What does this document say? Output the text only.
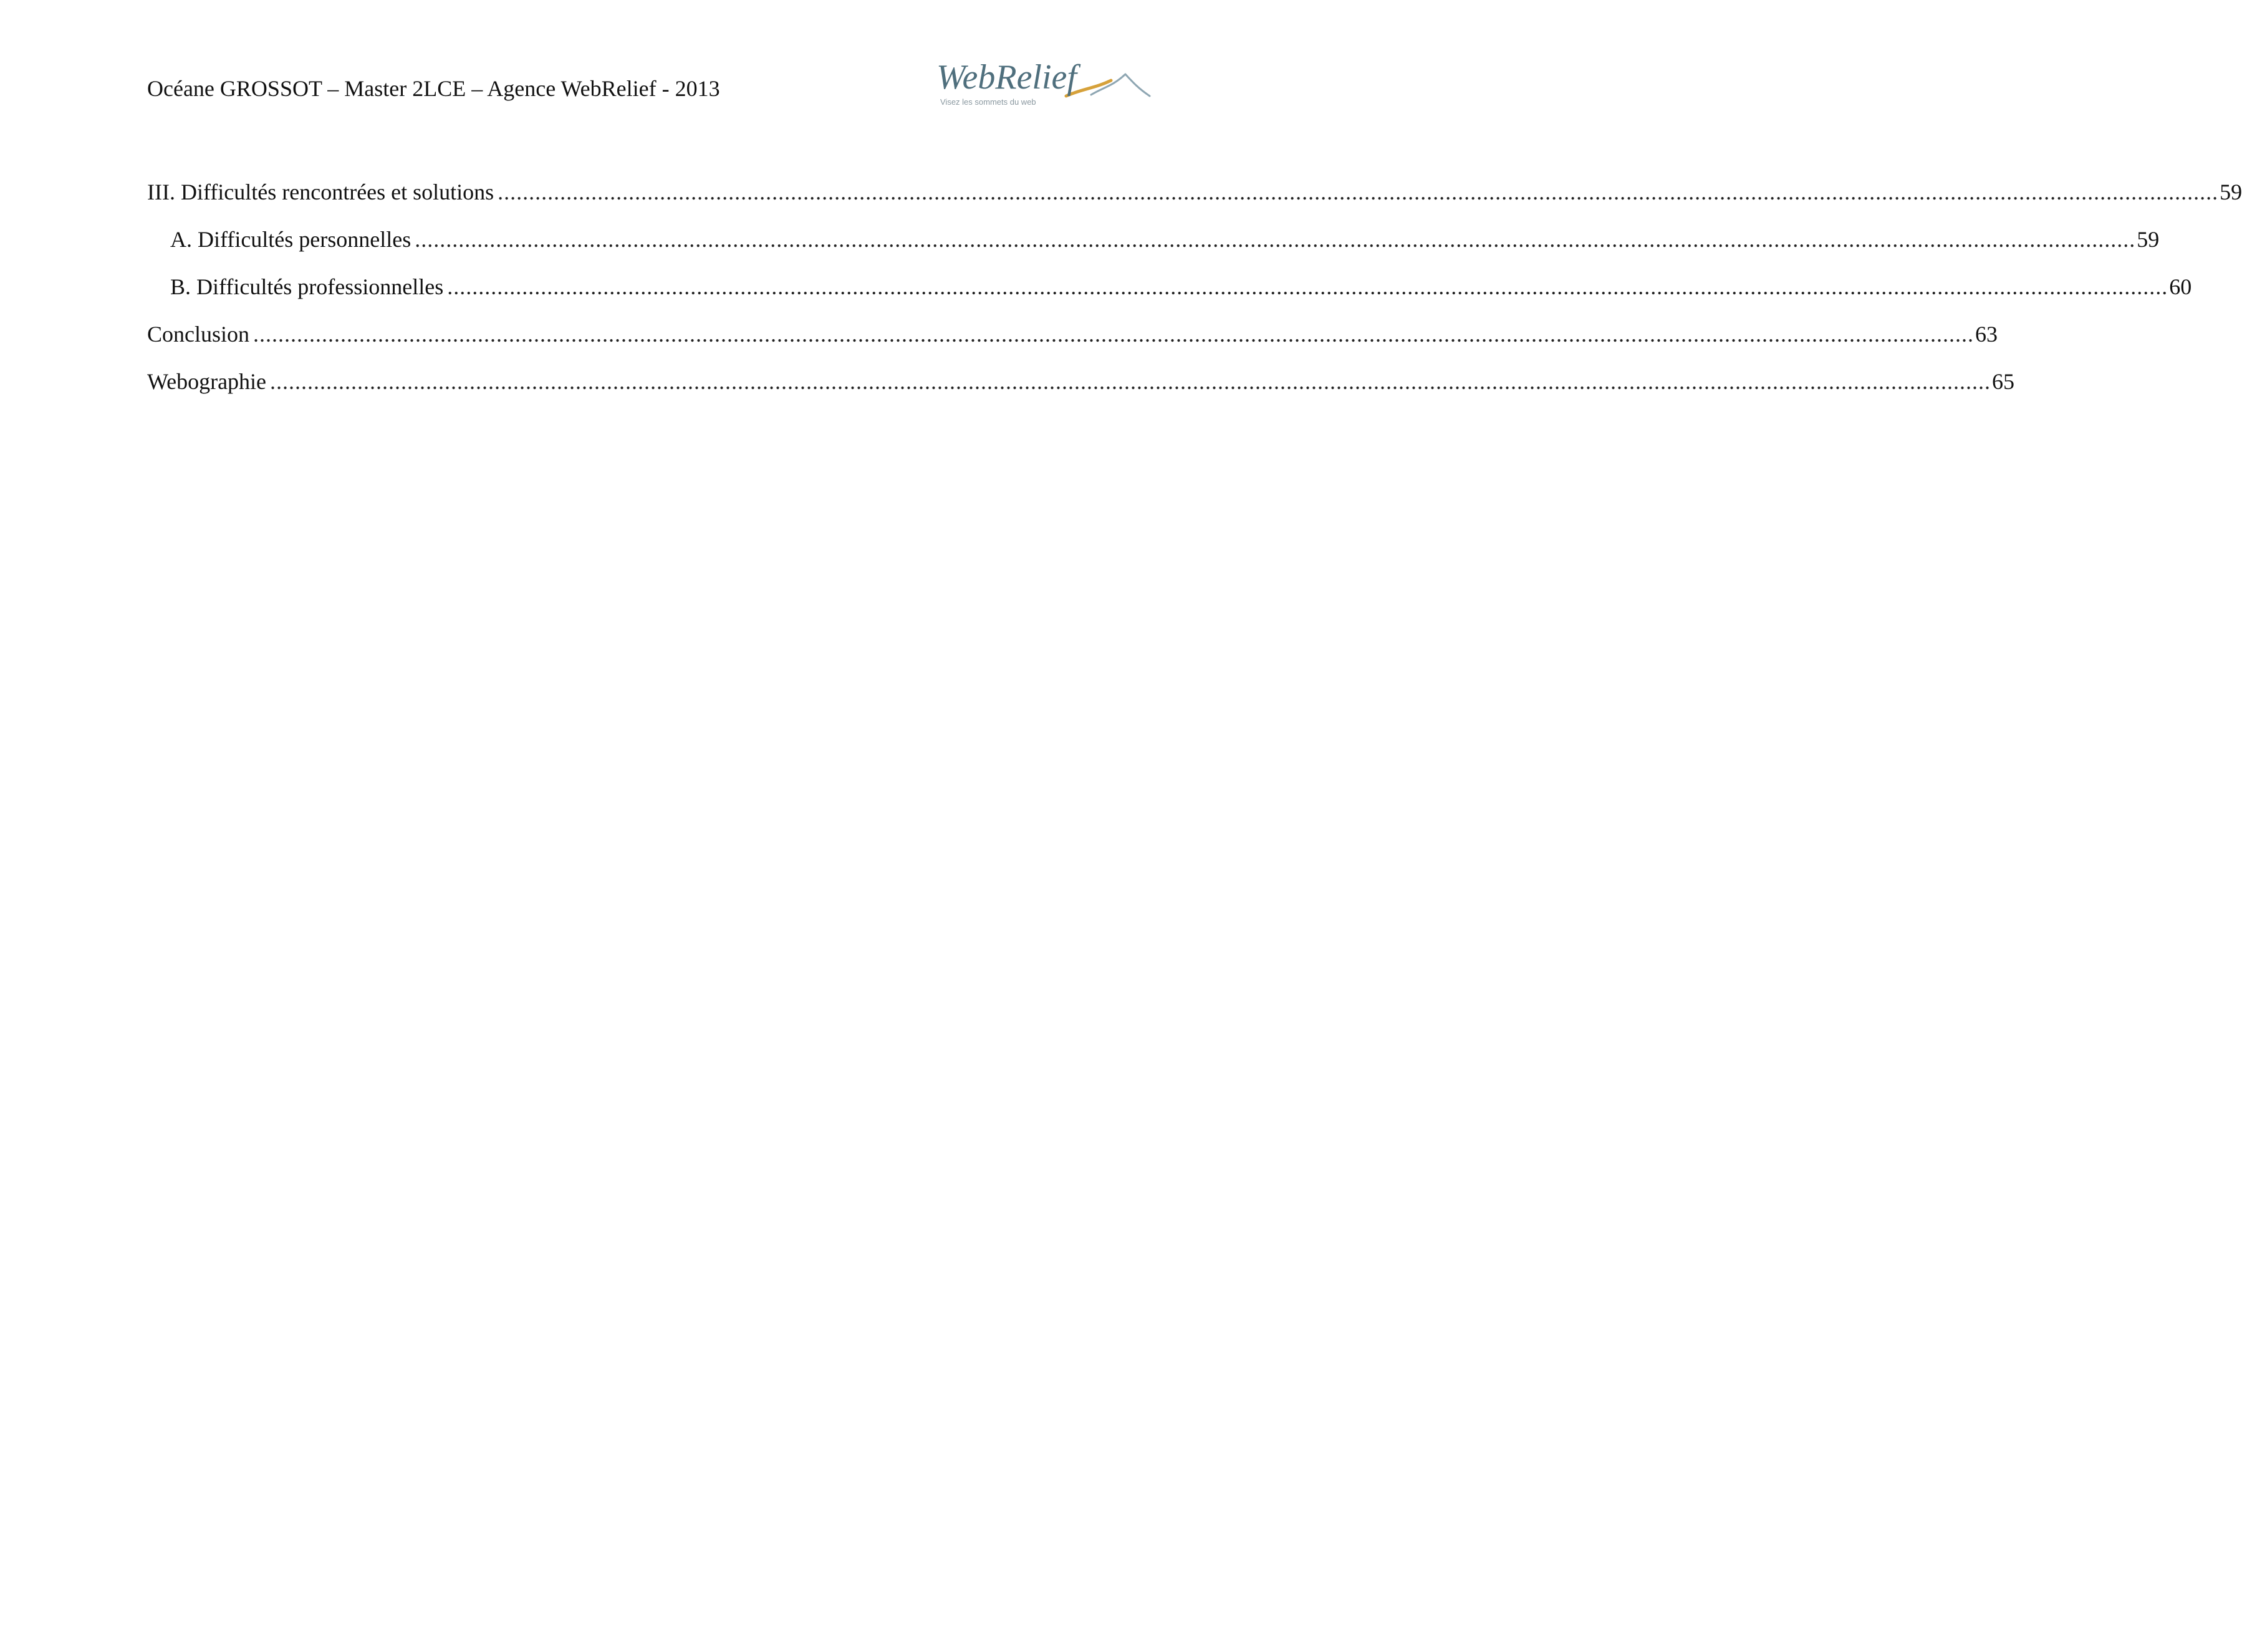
Océane GROSSOT – Master 2LCE – Agence WebRelief - 2013	WebRelief
Visez les sommets du web
III. Difficultés rencontrées et solutions .................................................................................................................................................................................................................................................................................... 59
A. Difficultés personnelles .................................................................................................................................................................................................................................................................................... 59
B. Difficultés professionnelles .................................................................................................................................................................................................................................................................................... 60
Conclusion .................................................................................................................................................................................................................................................................................... 63
Webographie .................................................................................................................................................................................................................................................................................... 65
